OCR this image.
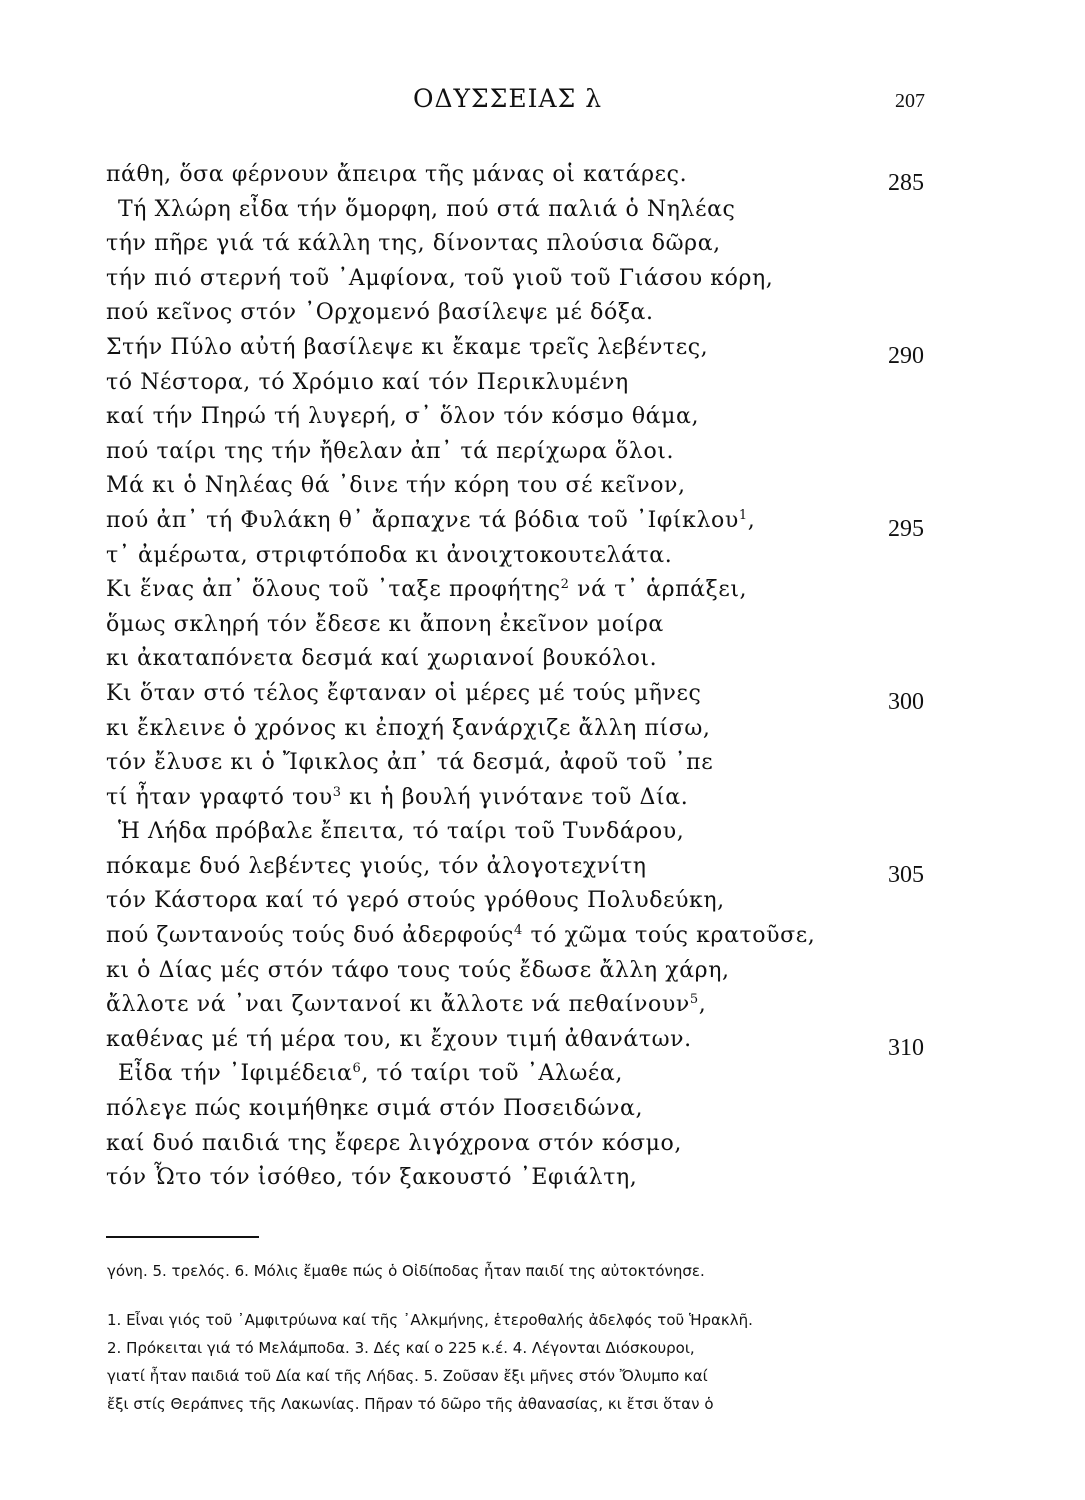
ΟΔΥΣΣΕΙΑΣ λ	207
πάθη, ὅσα φέρνουν ἄπειρα τῆς μάνας οἱ κατάρες.	285
Τή Χλώρη εἶδα τήν ὅμορφη, πού στά παλιά ὁ Νηλέας
τήν πῆρε γιά τά κάλλη της, δίνοντας πλούσια δῶρα,
τήν πιό στερνή τοῦ ᾿Αμφίονα, τοῦ γιοῦ τοῦ Γιάσου κόρη,
πού κεῖνος στόν ᾿Ορχομενό βασίλεψε μέ δόξα.
Στήν Πύλο αὐτή βασίλεψε κι ἔκαμε τρεῖς λεβέντες,	290
τό Νέστορα, τό Χρόμιο καί τόν Περικλυμένη
καί τήν Πηρώ τή λυγερή, σ᾿ ὅλον τόν κόσμο θάμα,
πού ταίρι της τήν ἤθελαν ἀπ᾿ τά περίχωρα ὅλοι.
Μά κι ὁ Νηλέας θά ᾿δινε τήν κόρη του σέ κεῖνον,
πού ἀπ᾿ τή Φυλάκη θ᾿ ἄρπαχνε τά βόδια τοῦ ᾿Ιφίκλου$^1$,	295
τ᾿ ἀμέρωτα, στριφτόποδα κι ἀνοιχτοκουτελάτα.
Κι ἕνας ἀπ᾿ ὅλους τοῦ ᾿ταξε προφήτης$^2$ νά τ᾿ ἁρπάξει,
ὅμως σκληρή τόν ἔδεσε κι ἄπονη ἐκεῖνον μοίρα
κι ἀκαταπόνετα δεσμά καί χωριανοί βουκόλοι.
Κι ὅταν στό τέλος ἔφταναν οἱ μέρες μέ τούς μῆνες	300
κι ἔκλεινε ὁ χρόνος κι ἐποχή ξανάρχιζε ἄλλη πίσω,
τόν ἔλυσε κι ὁ Ἴφικλος ἀπ᾿ τά δεσμά, ἀφοῦ τοῦ ᾿πε
τί ἦταν γραφτό του$^3$ κι ἡ βουλή γινότανε τοῦ Δία.
Ἡ Λήδα πρόβαλε ἔπειτα, τό ταίρι τοῦ Τυνδάρου,
πόκαμε δυό λεβέντες γιούς, τόν ἀλογοτεχνίτη	305
τόν Κάστορα καί τό γερό στούς γρόθους Πολυδεύκη,
πού ζωντανούς τούς δυό ἀδερφούς$^4$ τό χῶμα τούς κρατοῦσε,
κι ὁ Δίας μές στόν τάφο τους τούς ἔδωσε ἄλλη χάρη,
ἄλλοτε νά ᾿ναι ζωντανοί κι ἄλλοτε νά πεθαίνουν$^5$,
καθένας μέ τή μέρα του, κι ἔχουν τιμή ἀθανάτων.	310
Εἶδα τήν ᾿Ιφιμέδεια$^6$, τό ταίρι τοῦ ᾿Αλωέα,
πόλεγε πώς κοιμήθηκε σιμά στόν Ποσειδώνα,
καί δυό παιδιά της ἔφερε λιγόχρονα στόν κόσμο,
τόν Ὦτο τόν ἰσόθεο, τόν ξακουστό ᾿Εφιάλτη,
γόνη. 5. τρελός. 6. Μόλις ἔμαθε πώς ὁ Οἰδίποδας ἦταν παιδί της αὐτοκτόνησε.
1. Εἶναι γιός τοῦ ᾿Αμφιτρύωνα καί τῆς ᾿Αλκμήνης, ἑτεροθαλής ἀδελφός τοῦ Ἡρακλῆ.
2. Πρόκειται γιά τό Μελάμποδα. 3. Δές καί ο 225 κ.έ. 4. Λέγονται Διόσκουροι,
γιατί ἦταν παιδιά τοῦ Δία καί τῆς Λήδας. 5. Ζοῦσαν ἔξι μῆνες στόν Ὄλυμπο καί
ἔξι στίς Θεράπνες τῆς Λακωνίας. Πῆραν τό δῶρο τῆς ἀθανασίας, κι ἔτσι ὅταν ὁ
